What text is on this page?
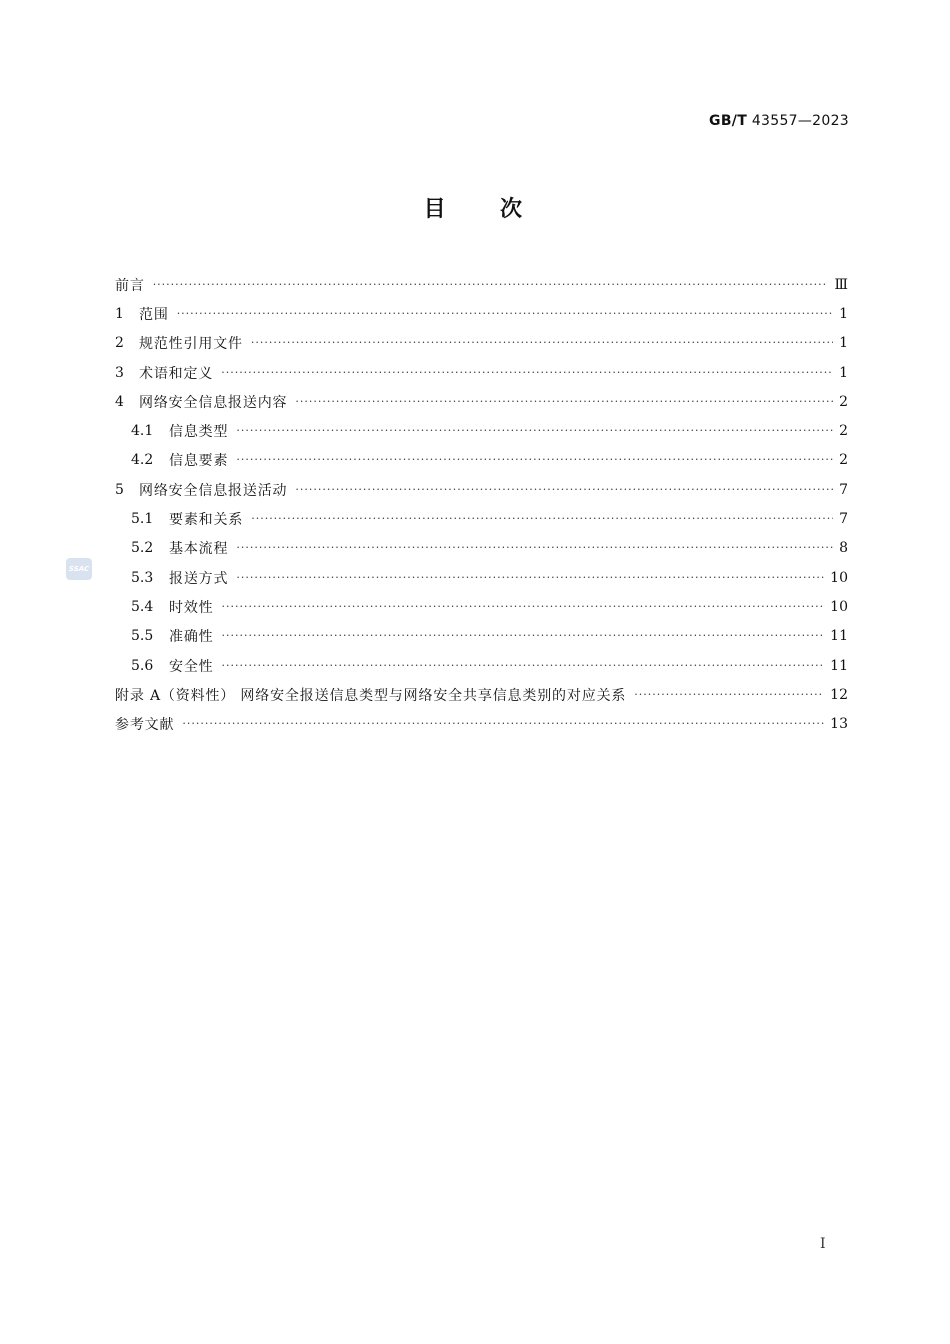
GB/T 43557—2023
目 次
SSAC
前言 ·····	Ⅲ
1	范围 ·····	1
2	规范性引用文件 ·····	1
3	术语和定义 ·····	1
4	网络安全信息报送内容 ·····	2
4.1	信息类型 ·····	2
4.2	信息要素 ·····	2
5	网络安全信息报送活动 ·····	7
5.1	要素和关系 ·····	7
5.2	基本流程 ·····	8
5.3	报送方式 ·····	10
5.4	时效性 ·····	10
5.5	准确性 ·····	11
5.6	安全性 ·····	11
附录 A（资料性） 网络安全报送信息类型与网络安全共享信息类别的对应关系 ·····	12
参考文献 ·····	13
I
